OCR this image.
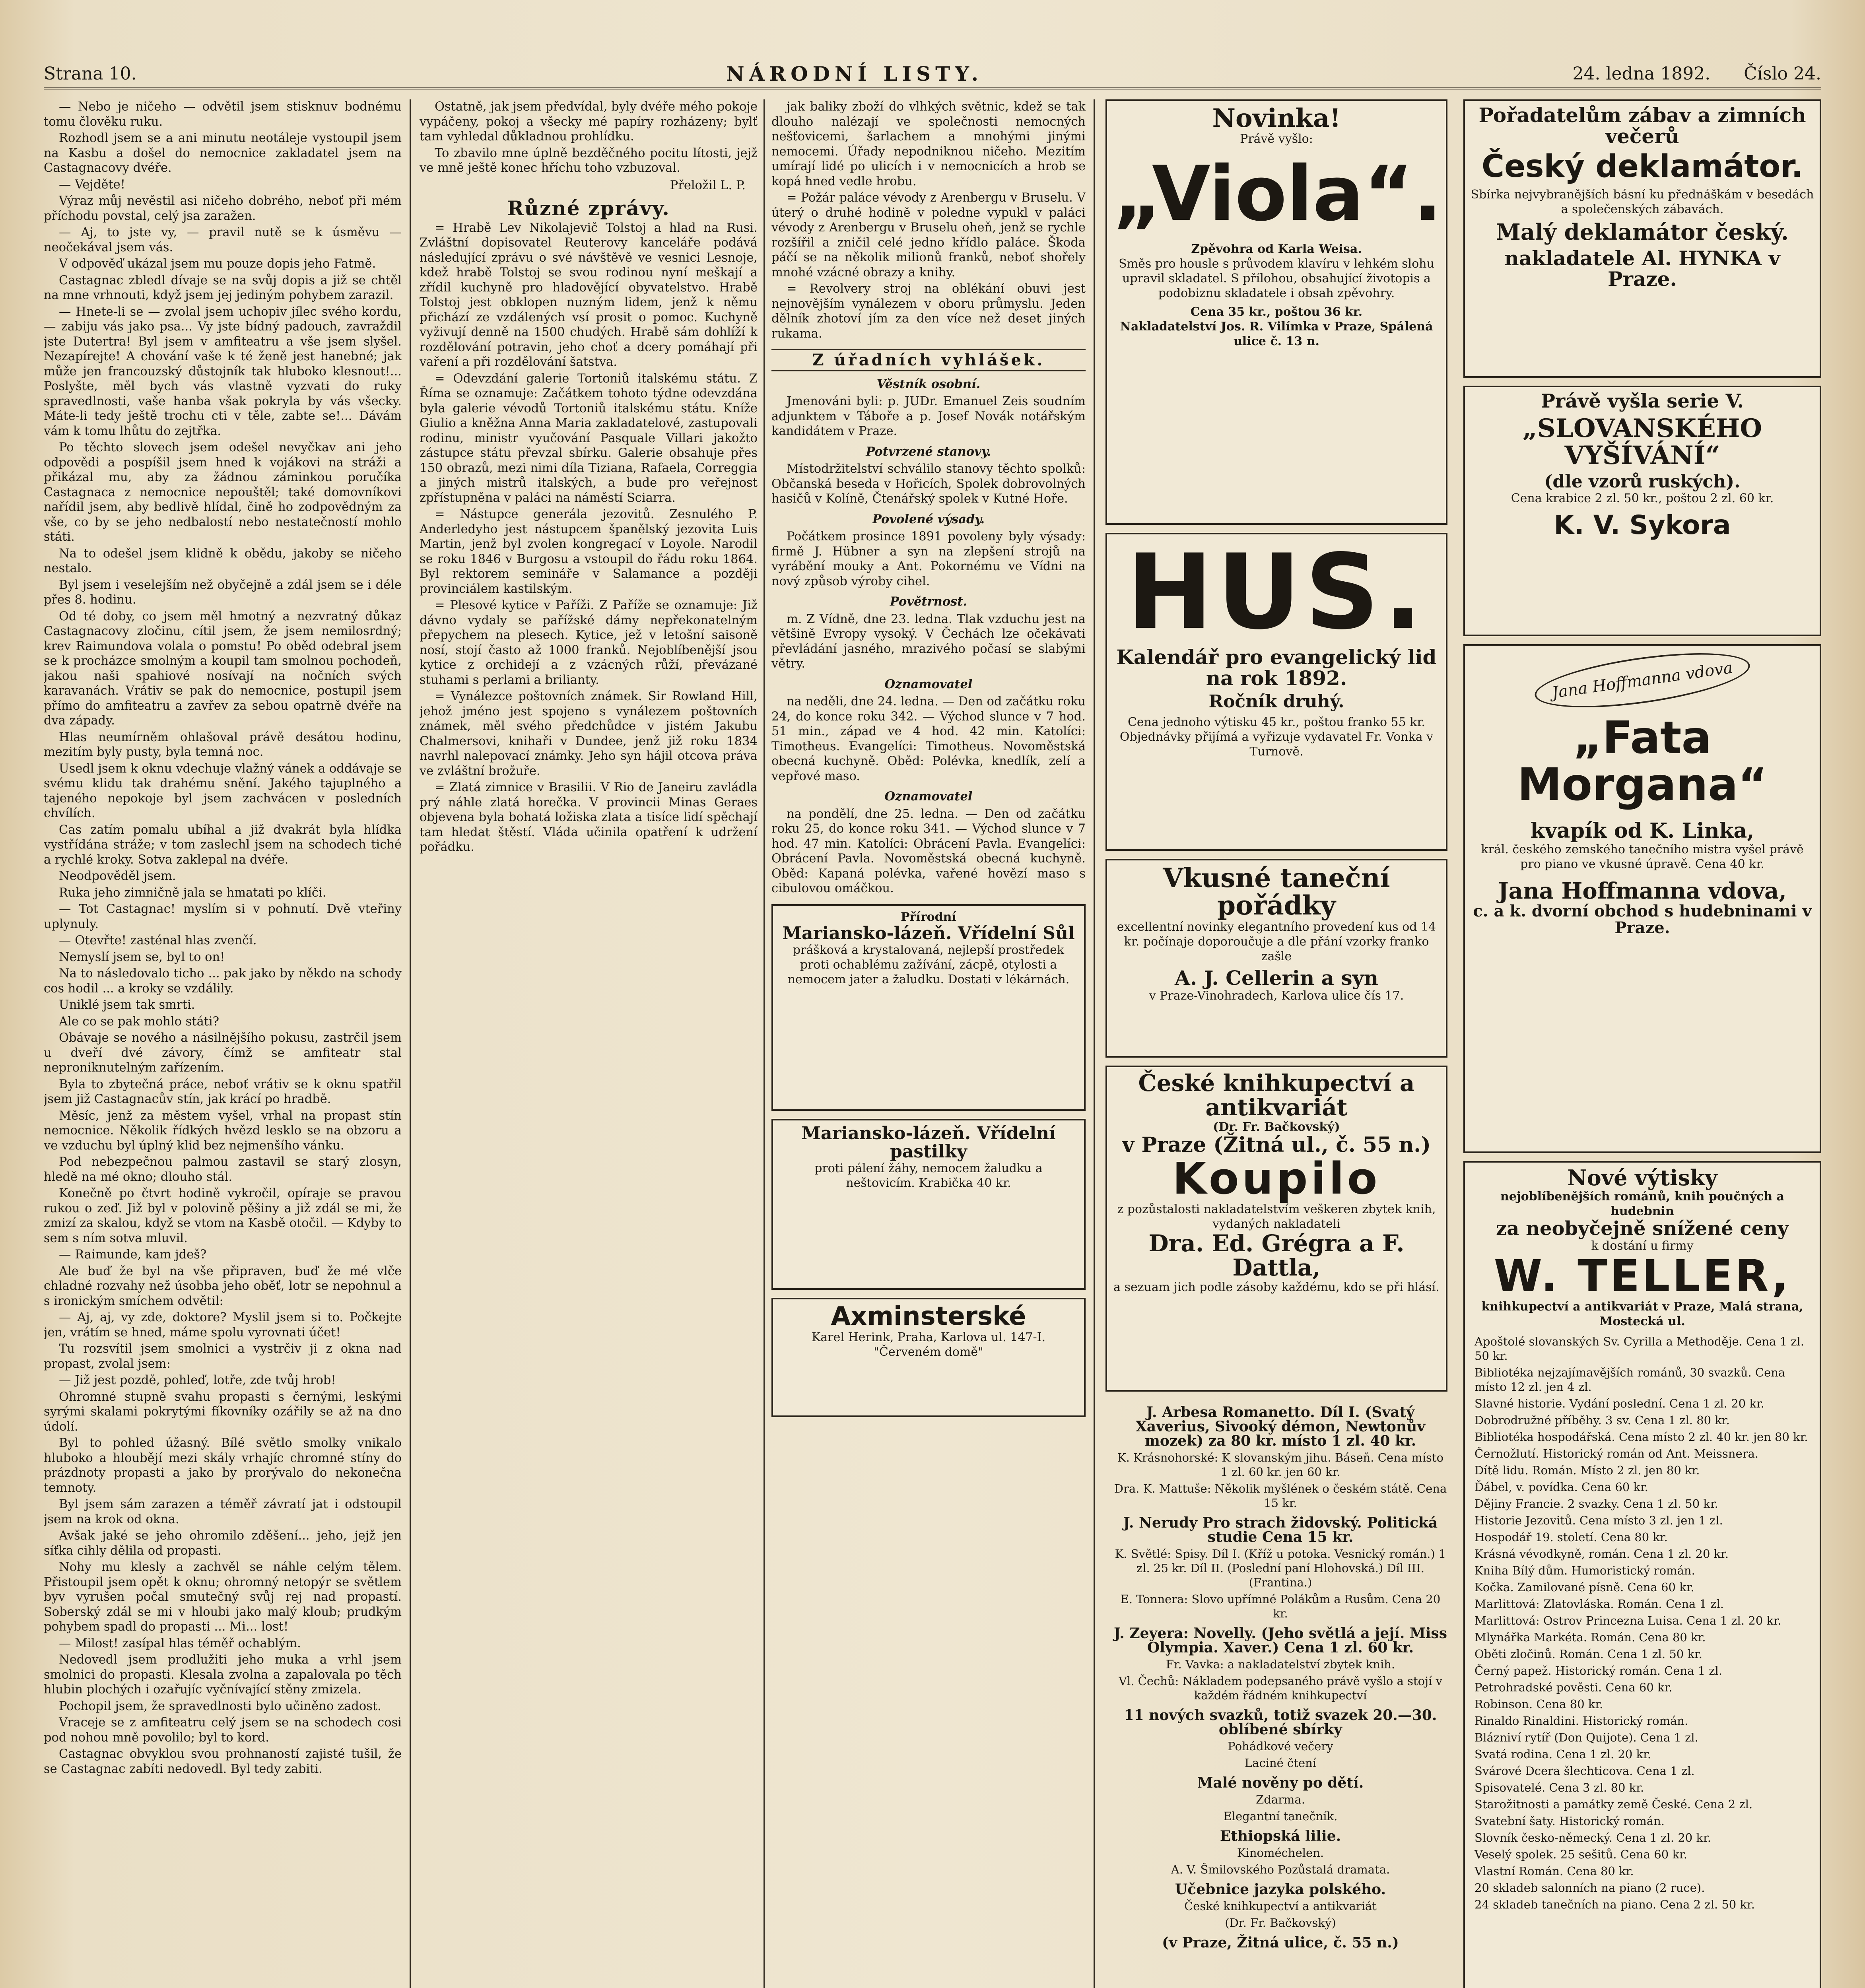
Strana 10.	NÁRODNÍ LISTY.	24. ledna 1892. Číslo 24.

— Nebo je ničeho — odvětil jsem stisknuv bodnému tomu člověku ruku.

Rozhodl jsem se a ani minutu neotáleje vystoupil jsem na Kasbu a došel do nemocnice zakladatel jsem na Castagnacovy dvéře.

— Vejděte!

Výraz můj nevěstil asi ničeho dobrého, neboť při mém příchodu povstal, celý jsa zaražen.

— Aj, to jste vy, — pravil nutě se k úsměvu — neočekával jsem vás.

V odpověď ukázal jsem mu pouze dopis jeho Fatmě.

Castagnac zbledl dívaje se na svůj dopis a již se chtěl na mne vrhnouti, když jsem jej jediným pohybem zarazil.

— Hnete-li se — zvolal jsem uchopiv jílec svého kordu, — zabiju vás jako psa... Vy jste bídný padouch, zavraždil jste Dutertra! Byl jsem v amfiteatru a vše jsem slyšel. Nezapírejte! A chování vaše k té ženě jest hanebné; jak může jen francouzský důstojník tak hluboko klesnout!... Poslyšte, měl bych vás vlastně vyzvati do ruky spravedlnosti, vaše hanba však pokryla by vás všecky. Máte-li tedy ještě trochu cti v těle, zabte se!... Dávám vám k tomu lhůtu do zejtřka.

Po těchto slovech jsem odešel nevyčkav ani jeho odpovědi a pospíšil jsem hned k vojákovi na stráži a přikázal mu, aby za žádnou záminkou poručíka Castagnaca z nemocnice nepouštěl; také domovníkovi nařídil jsem, aby bedlivě hlídal, čině ho zodpovědným za vše, co by se jeho nedbalostí nebo nestatečností mohlo státi.

Na to odešel jsem klidně k obědu, jakoby se ničeho nestalo.

Byl jsem i veselejším než obyčejně a zdál jsem se i déle přes 8. hodinu.

Od té doby, co jsem měl hmotný a nezvratný důkaz Castagnacovy zločinu, cítil jsem, že jsem nemilosrdný; krev Raimundova volala o pomstu! Po oběd odebral jsem se k procházce smolným a koupil tam smolnou pochodeň, jakou naši spahiové nosívají na nočních svých karavanách. Vrátiv se pak do nemocnice, postupil jsem přímo do amfiteatru a zavřev za sebou opatrně dvéře na dva západy.

Hlas neumírněm ohlašoval právě desátou hodinu, mezitím byly pusty, byla temná noc.

Usedl jsem k oknu vdechuje vlažný vánek a oddávaje se svému klidu tak drahému snění. Jakého tajuplného a tajeného nepokoje byl jsem zachvácen v posledních chvílích.

Cas zatím pomalu ubíhal a již dvakrát byla hlídka vystřídána stráže; v tom zaslechl jsem na schodech tiché a rychlé kroky. Sotva zaklepal na dvéře.

Neodpověděl jsem.

Ruka jeho zimničně jala se hmatati po klíči.

— Tot Castagnac! myslím si v pohnutí. Dvě vteřiny uplynuly.

— Otevřte! zasténal hlas zvenčí.

Nemyslí jsem se, byl to on!

Na to následovalo ticho ... pak jako by někdo na schody cos hodil ... a kroky se vzdálily.

Uniklé jsem tak smrti.

Ale co se pak mohlo státi?

Obávaje se nového a násilnějšího pokusu, zastrčil jsem u dveří dvé závory, čímž se amfiteatr stal neproniknutelným zařízením.

Byla to zbytečná práce, neboť vrátiv se k oknu spatřil jsem již Castagnacův stín, jak krácí po hradbě.

Měsíc, jenž za městem vyšel, vrhal na propast stín nemocnice. Několik řídkých hvězd lesklo se na obzoru a ve vzduchu byl úplný klid bez nejmenšího vánku.

Pod nebezpečnou palmou zastavil se starý zlosyn, hledě na mé okno; dlouho stál.

Konečně po čtvrt hodině vykročil, opíraje se pravou rukou o zeď. Již byl v polovině pěšiny a již zdál se mi, že zmizí za skalou, když se vtom na Kasbě otočil. — Kdyby to sem s ním sotva mluvil.

— Raimunde, kam jdeš?

Ale buď že byl na vše připraven, buď že mé vlče chladné rozvahy než úsobba jeho oběť, lotr se nepohnul a s ironickým smíchem odvětil:

— Aj, aj, vy zde, doktore? Myslil jsem si to. Počkejte jen, vrátím se hned, máme spolu vyrovnati účet!

Tu rozsvítil jsem smolnici a vystrčiv ji z okna nad propast, zvolal jsem:

— Již jest pozdě, pohleď, lotře, zde tvůj hrob!

Ohromné stupně svahu propasti s černými, leskými syrými skalami pokrytými fíkovníky ozářily se až na dno údolí.

Byl to pohled úžasný. Bílé světlo smolky vnikalo hluboko a hloubějí mezi skály vrhajíc chromné stíny do prázdnoty propasti a jako by prorývalo do nekonečna temnoty.

Byl jsem sám zarazen a téměř závratí jat i odstoupil jsem na krok od okna.

Avšak jaké se jeho ohromilo zděšení... jeho, jejž jen síťka cihly dělila od propasti.

Nohy mu klesly a zachvěl se náhle celým tělem. Přistoupil jsem opět k oknu; ohromný netopýr se světlem byv vyrušen počal smutečný svůj rej nad propastí. Soberský zdál se mi v hloubi jako malý kloub; prudkým pohybem spadl do propasti ... Mi... lost!

— Milost! zasípal hlas téměř ochablým.

Nedovedl jsem prodlužiti jeho muka a vrhl jsem smolnici do propasti. Klesala zvolna a zapalovala po těch hlubin plochých i ozařujíc vyčnívající stěny zmizela.

Pochopil jsem, že spravedlnosti bylo učiněno zadost.

Vraceje se z amfiteatru celý jsem se na schodech cosi pod nohou mně povolilo; byl to kord.

Castagnac obvyklou svou prohnaností zajisté tušil, že se Castagnac zabíti nedovedl. Byl tedy zabiti.

Ostatně, jak jsem předvídal, byly dvéře mého pokoje vypáčeny, pokoj a všecky mé papíry rozházeny; bylť tam vyhledal důkladnou prohlídku.

To zbavilo mne úplně bezděčného pocitu lítosti, jejž ve mně ještě konec hříchu toho vzbuzoval.

Přeložil L. P.
Různé zprávy.

= Hrabě Lev Nikolajevič Tolstoj a hlad na Rusi. Zvláštní dopisovatel Reuterovy kanceláře podává následující zprávu o své návštěvě ve vesnici Lesnoje, kdež hrabě Tolstoj se svou rodinou nyní meškají a zřídil kuchyně pro hladovějící obyvatelstvo. Hrabě Tolstoj jest obklopen nuzným lidem, jenž k němu přichází ze vzdálených vsí prosit o pomoc. Kuchyně vyživují denně na 1500 chudých. Hrabě sám dohlíží k rozdělování potravin, jeho choť a dcery pomáhají při vaření a při rozdělování šatstva.

= Odevzdání galerie Tortoniů italskému státu. Z Říma se oznamuje: Začátkem tohoto týdne odevzdána byla galerie vévodů Tortoniů italskému státu. Kníže Giulio a kněžna Anna Maria zakladatelové, zastupovali rodinu, ministr vyučování Pasquale Villari jakožto zástupce státu převzal sbírku. Galerie obsahuje přes 150 obrazů, mezi nimi díla Tiziana, Rafaela, Correggia a jiných mistrů italských, a bude pro veřejnost zpřístupněna v paláci na náměstí Sciarra.

= Nástupce generála jezovitů. Zesnulého P. Anderledyho jest nástupcem španělský jezovita Luis Martin, jenž byl zvolen kongregací v Loyole. Narodil se roku 1846 v Burgosu a vstoupil do řádu roku 1864. Byl rektorem semináře v Salamance a později provinciálem kastilským.

= Plesové kytice v Paříži. Z Paříže se oznamuje: Již dávno vydaly se pařížské dámy nepřekonatelným přepychem na plesech. Kytice, jež v letošní saisoně nosí, stojí často až 1000 franků. Nejoblíbenější jsou kytice z orchidejí a z vzácných růží, převázané stuhami s perlami a brilianty.

= Vynálezce poštovních známek. Sir Rowland Hill, jehož jméno jest spojeno s vynálezem poštovních známek, měl svého předchůdce v jistém Jakubu Chalmersovi, knihaři v Dundee, jenž již roku 1834 navrhl nalepovací známky. Jeho syn hájil otcova práva ve zvláštní brožuře.

= Zlatá zimnice v Brasilii. V Rio de Janeiru zavládla prý náhle zlatá horečka. V provincii Minas Geraes objevena byla bohatá ložiska zlata a tisíce lidí spěchají tam hledat štěstí. Vláda učinila opatření k udržení pořádku.

jak baliky zboží do vlhkých světnic, kdež se tak dlouho nalézají ve společnosti nemocných nešťovicemi, šarlachem a mnohými jinými nemocemi. Úřady nepodniknou ničeho. Mezitím umírají lidé po ulicích i v nemocnicích a hrob se kopá hned vedle hrobu.

= Požár paláce vévody z Arenbergu v Bruselu. V úterý o druhé hodině v poledne vypukl v paláci vévody z Arenbergu v Bruselu oheň, jenž se rychle rozšířil a zničil celé jedno křídlo paláce. Škoda páčí se na několik milionů franků, neboť shořely mnohé vzácné obrazy a knihy.

= Revolvery stroj na oblékání obuvi jest nejnovějším vynálezem v oboru průmyslu. Jeden dělník zhotoví jím za den více než deset jiných rukama.

Z úřadních vyhlášek.
Věstník osobní.

Jmenováni byli: p. JUDr. Emanuel Zeis soudním adjunktem v Táboře a p. Josef Novák notářským kandidátem v Praze.

Potvrzené stanovy.

Místodržitelství schválilo stanovy těchto spolků: Občanská beseda v Hořicích, Spolek dobrovolných hasičů v Kolíně, Čtenářský spolek v Kutné Hoře.

Povolené výsady.

Počátkem prosince 1891 povoleny byly výsady: firmě J. Hübner a syn na zlepšení strojů na vyrábění mouky a Ant. Pokornému ve Vídni na nový způsob výroby cihel.

Povětrnost.

m. Z Vídně, dne 23. ledna. Tlak vzduchu jest na většině Evropy vysoký. V Čechách lze očekávati převládání jasného, mrazivého počasí se slabými větry.

Oznamovatel

na neděli, dne 24. ledna. — Den od začátku roku 24, do konce roku 342. — Východ slunce v 7 hod. 51 min., západ ve 4 hod. 42 min. Katolíci: Timotheus. Evangelíci: Timotheus. Novoměstská obecná kuchyně. Oběd: Polévka, knedlík, zelí a vepřové maso.

Oznamovatel

na pondělí, dne 25. ledna. — Den od začátku roku 25, do konce roku 341. — Východ slunce v 7 hod. 47 min. Katolíci: Obrácení Pavla. Evangelíci: Obrácení Pavla. Novoměstská obecná kuchyně. Oběd: Kapaná polévka, vařené hovězí maso s cibulovou omáčkou.

Přírodní
Mariansko-lázeň. Vřídelní Sůl
prášková a krystalovaná, nejlepší prostředek proti ochablému zažívání, zácpě, otylosti a nemocem jater a žaludku. Dostati v lékárnách.
Mariansko-lázeň. Vřídelní pastilky
proti pálení žáhy, nemocem žaludku a neštovicím. Krabička 40 kr.
Axminsterské
Karel Herink, Praha, Karlova ul. 147-I. "Červeném domě"
Novinka!
Právě vyšlo:
„Viola“.
Zpěvohra od Karla Weisa.
Směs pro housle s průvodem klavíru v lehkém slohu upravil skladatel. S přílohou, obsahující životopis a podobiznu skladatele i obsah zpěvohry.
Cena 35 kr., poštou 36 kr.
Nakladatelství Jos. R. Vilímka v Praze, Spálená ulice č. 13 n.
HUS.
Kalendář pro evangelický lid
na rok 1892.
Ročník druhý.
Cena jednoho výtisku 45 kr., poštou franko 55 kr.
Objednávky přijímá a vyřizuje vydavatel Fr. Vonka v Turnově.
Vkusné taneční pořádky
excellentní novinky elegantního provedení kus od 14 kr. počínaje doporoučuje a dle přání vzorky franko zašle
A. J. Cellerin a syn
v Praze-Vinohradech, Karlova ulice čís 17.
České knihkupectví a antikvariát
(Dr. Fr. Bačkovský)
v Praze (Žitná ul., č. 55 n.)
Koupilo
z pozůstalosti nakladatelstvím veškeren zbytek knih, vydaných nakladateli
Dra. Ed. Grégra a F. Dattla,
a sezuam jich podle zásoby každému, kdo se při hlásí.
J. Arbesa Romanetto. Díl I. (Svatý Xaverius, Sivooký démon, Newtonův mozek) za 80 kr. místo 1 zl. 40 kr.
K. Krásnohorské: K slovanským jihu. Báseň. Cena místo 1 zl. 60 kr. jen 60 kr.
Dra. K. Mattuše: Několik myšlének o českém státě. Cena 15 kr.
J. Nerudy Pro strach židovský. Politická studie Cena 15 kr.
K. Světlé: Spisy. Díl I. (Kříž u potoka. Vesnický román.) 1 zl. 25 kr. Díl II. (Poslední paní Hlohovská.) Díl III. (Frantina.)
E. Tonnera: Slovo upřímné Polákům a Rusům. Cena 20 kr.
J. Zeyera: Novelly. (Jeho světlá a její. Miss Olympia. Xaver.) Cena 1 zl. 60 kr.
Fr. Vavka: a nakladatelství zbytek knih.
Vl. Čechů: Nákladem podepsaného právě vyšlo a stojí v každém řádném knihkupectví
11 nových svazků, totiž svazek 20.—30. oblíbené sbírky
Pohádkové večery
Laciné čtení
Malé nověny po dětí.
Zdarma.
Elegantní tanečník.
Ethiopská lilie.
Kinoméchelen.
A. V. Šmilovského Pozůstalá dramata.
Učebnice jazyka polského.
České knihkupectví a antikvariát
(Dr. Fr. Bačkovský)
(v Praze, Žitná ulice, č. 55 n.)
Pořadatelům zábav a zimních večerů
Český deklamátor.
Sbírka nejvybranějších básní ku přednáškám v besedách a společenských zábavách.
Malý deklamátor český.
nakladatele Al. HYNKA v Praze.
Právě vyšla serie V.
„SLOVANSKÉHO VYŠÍVÁNÍ“
(dle vzorů ruských).
Cena krabice 2 zl. 50 kr., poštou 2 zl. 60 kr.
K. V. Sykora
Jana Hoffmanna vdova
„Fata Morgana“
kvapík od K. Linka,
král. českého zemského tanečního mistra vyšel právě pro piano ve vkusné úpravě. Cena 40 kr.
Jana Hoffmanna vdova,
c. a k. dvorní obchod s hudebninami v Praze.
Nové výtisky
nejoblíbenějších románů, knih poučných a hudebnin
za neobyčejně snížené ceny
k dostání u firmy
W. TELLER,
knihkupectví a antikvariát v Praze, Malá strana, Mostecká ul.
Apoštolé slovanských Sv. Cyrilla a Methoděje. Cena 1 zl. 50 kr.
Bibliotéka nejzajímavějších románů, 30 svazků. Cena místo 12 zl. jen 4 zl.
Slavné historie. Vydání poslední. Cena 1 zl. 20 kr.
Dobrodružné příběhy. 3 sv. Cena 1 zl. 80 kr.
Bibliotéka hospodářská. Cena místo 2 zl. 40 kr. jen 80 kr.
Černožlutí. Historický román od Ant. Meissnera.
Dítě lidu. Román. Místo 2 zl. jen 80 kr.
Ďábel, v. povídka. Cena 60 kr.
Dějiny Francie. 2 svazky. Cena 1 zl. 50 kr.
Historie Jezovitů. Cena místo 3 zl. jen 1 zl.
Hospodář 19. století. Cena 80 kr.
Krásná vévodkyně, román. Cena 1 zl. 20 kr.
Kniha Bílý dům. Humoristický román.
Kočka. Zamilované písně. Cena 60 kr.
Marlittová: Zlatovláska. Román. Cena 1 zl.
Marlittová: Ostrov Princezna Luisa. Cena 1 zl. 20 kr.
Mlynářka Markéta. Román. Cena 80 kr.
Oběti zločinů. Román. Cena 1 zl. 50 kr.
Černý papež. Historický román. Cena 1 zl.
Petrohradské pověsti. Cena 60 kr.
Robinson. Cena 80 kr.
Rinaldo Rinaldini. Historický román.
Blázniví rytíř (Don Quijote). Cena 1 zl.
Svatá rodina. Cena 1 zl. 20 kr.
Svárové Dcera šlechticova. Cena 1 zl.
Spisovatelé. Cena 3 zl. 80 kr.
Starožitnosti a památky země České. Cena 2 zl.
Svatební šaty. Historický román.
Slovník česko-německý. Cena 1 zl. 20 kr.
Veselý spolek. 25 sešitů. Cena 60 kr.
Vlastní Román. Cena 80 kr.
20 skladeb salonních na piano (2 ruce).
24 skladeb tanečních na piano. Cena 2 zl. 50 kr.
